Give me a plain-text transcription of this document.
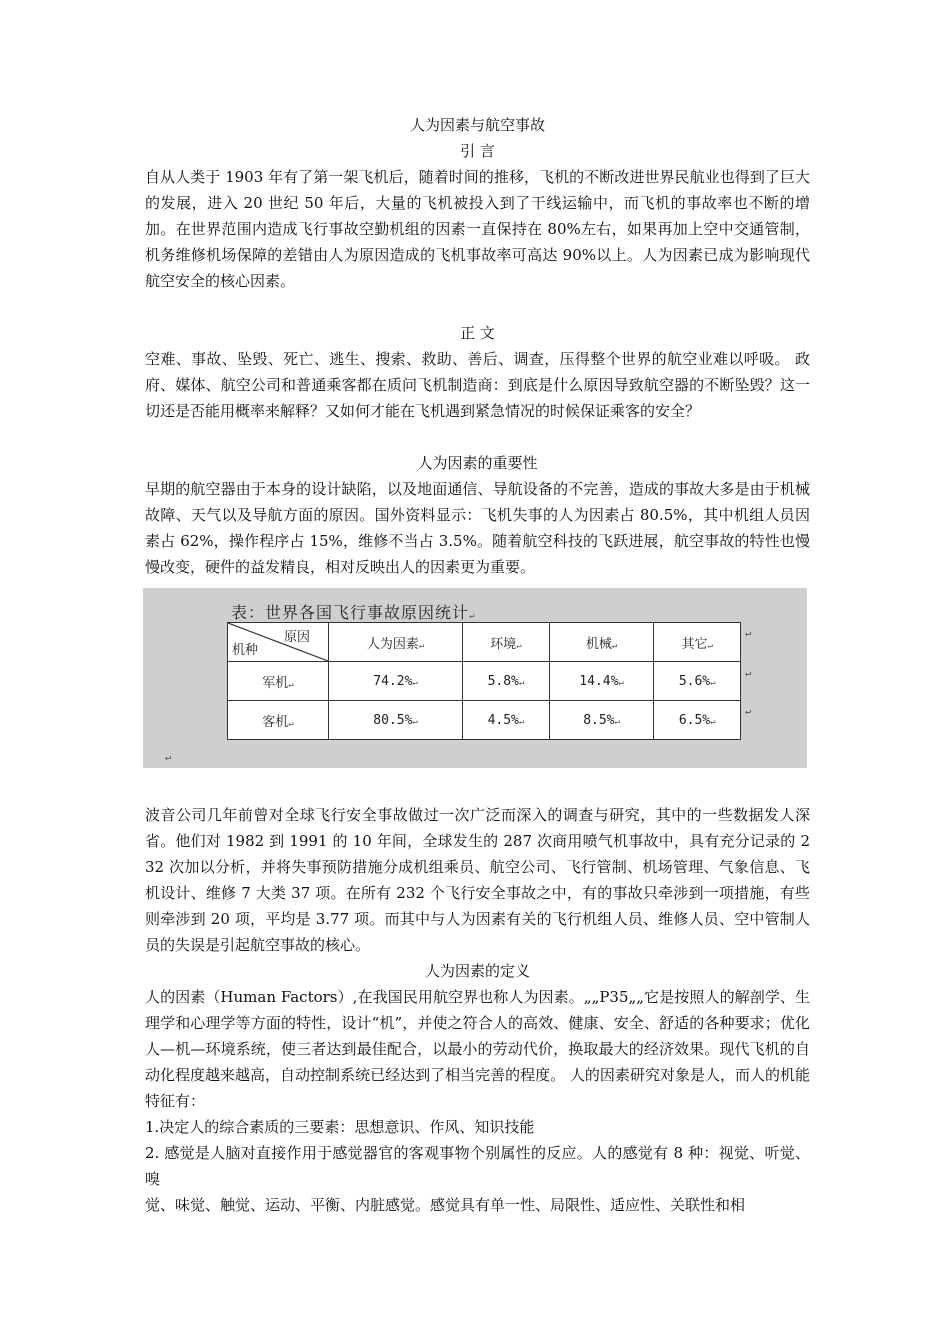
人为因素与航空事故

引 言

自从人类于 1903 年有了第一架飞机后，随着时间的推移，飞机的不断改进世界民航业也得到了巨大的发展，进入 20 世纪 50 年后，大量的飞机被投入到了干线运输中，而飞机的事故率也不断的增加。在世界范围内造成飞行事故空勤机组的因素一直保持在 80%左右，如果再加上空中交通管制，机务维修机场保障的差错由人为原因造成的飞机事故率可高达 90%以上。人为因素已成为影响现代航空安全的核心因素。

正 文

空难、事故、坠毁、死亡、逃生、搜索、救助、善后、调查，压得整个世界的航空业难以呼吸。 政府、媒体、航空公司和普通乘客都在质问飞机制造商：到底是什么原因导致航空器的不断坠毁？这一切还是否能用概率来解释？又如何才能在飞机遇到紧急情况的时候保证乘客的安全？

人为因素的重要性

早期的航空器由于本身的设计缺陷，以及地面通信、导航设备的不完善，造成的事故大多是由于机械故障、天气以及导航方面的原因。国外资料显示：飞机失事的人为因素占 80.5%，其中机组人员因素占 62%，操作程序占 15%，维修不当占 3.5%。随着航空科技的飞跃进展，航空事故的特性也慢慢改变，硬件的益发精良，相对反映出人的因素更为重要。

表：世界各国飞行事故原因统计↵
原因
机种	人为因素↵	环境↵	机械↵	其它↵
军机↵	74.2%↵	5.8%↵	14.4%↵	5.6%↵
客机↵	80.5%↵	4.5%↵	8.5%↵	6.5%↵
↵
↵
↵
↵

波音公司几年前曾对全球飞行安全事故做过一次广泛而深入的调查与研究，其中的一些数据发人深省。他们对 1982 到 1991 的 10 年间，全球发生的 287 次商用喷气机事故中，具有充分记录的 232 次加以分析，并将失事预防措施分成机组乘员、航空公司、飞行管制、机场管理、气象信息、飞机设计、维修 7 大类 37 项。在所有 232 个飞行安全事故之中，有的事故只牵涉到一项措施，有些则牵涉到 20 项，平均是 3.77 项。而其中与人为因素有关的飞行机组人员、维修人员、空中管制人员的失误是引起航空事故的核心。

人为因素的定义

人的因素（Human Factors）,在我国民用航空界也称人为因素。„„P35„„它是按照人的解剖学、生理学和心理学等方面的特性，设计“机”，并使之符合人的高效、健康、安全、舒适的各种要求；优化人—机—环境系统，使三者达到最佳配合，以最小的劳动代价，换取最大的经济效果。现代飞机的自动化程度越来越高，自动控制系统已经达到了相当完善的程度。 人的因素研究对象是人，而人的机能特征有：

1.决定人的综合素质的三要素：思想意识、作风、知识技能

2. 感觉是人脑对直接作用于感觉器官的客观事物个别属性的反应。人的感觉有 8 种：视觉、听觉、嗅

觉、味觉、触觉、运动、平衡、内脏感觉。感觉具有单一性、局限性、适应性、关联性和相
